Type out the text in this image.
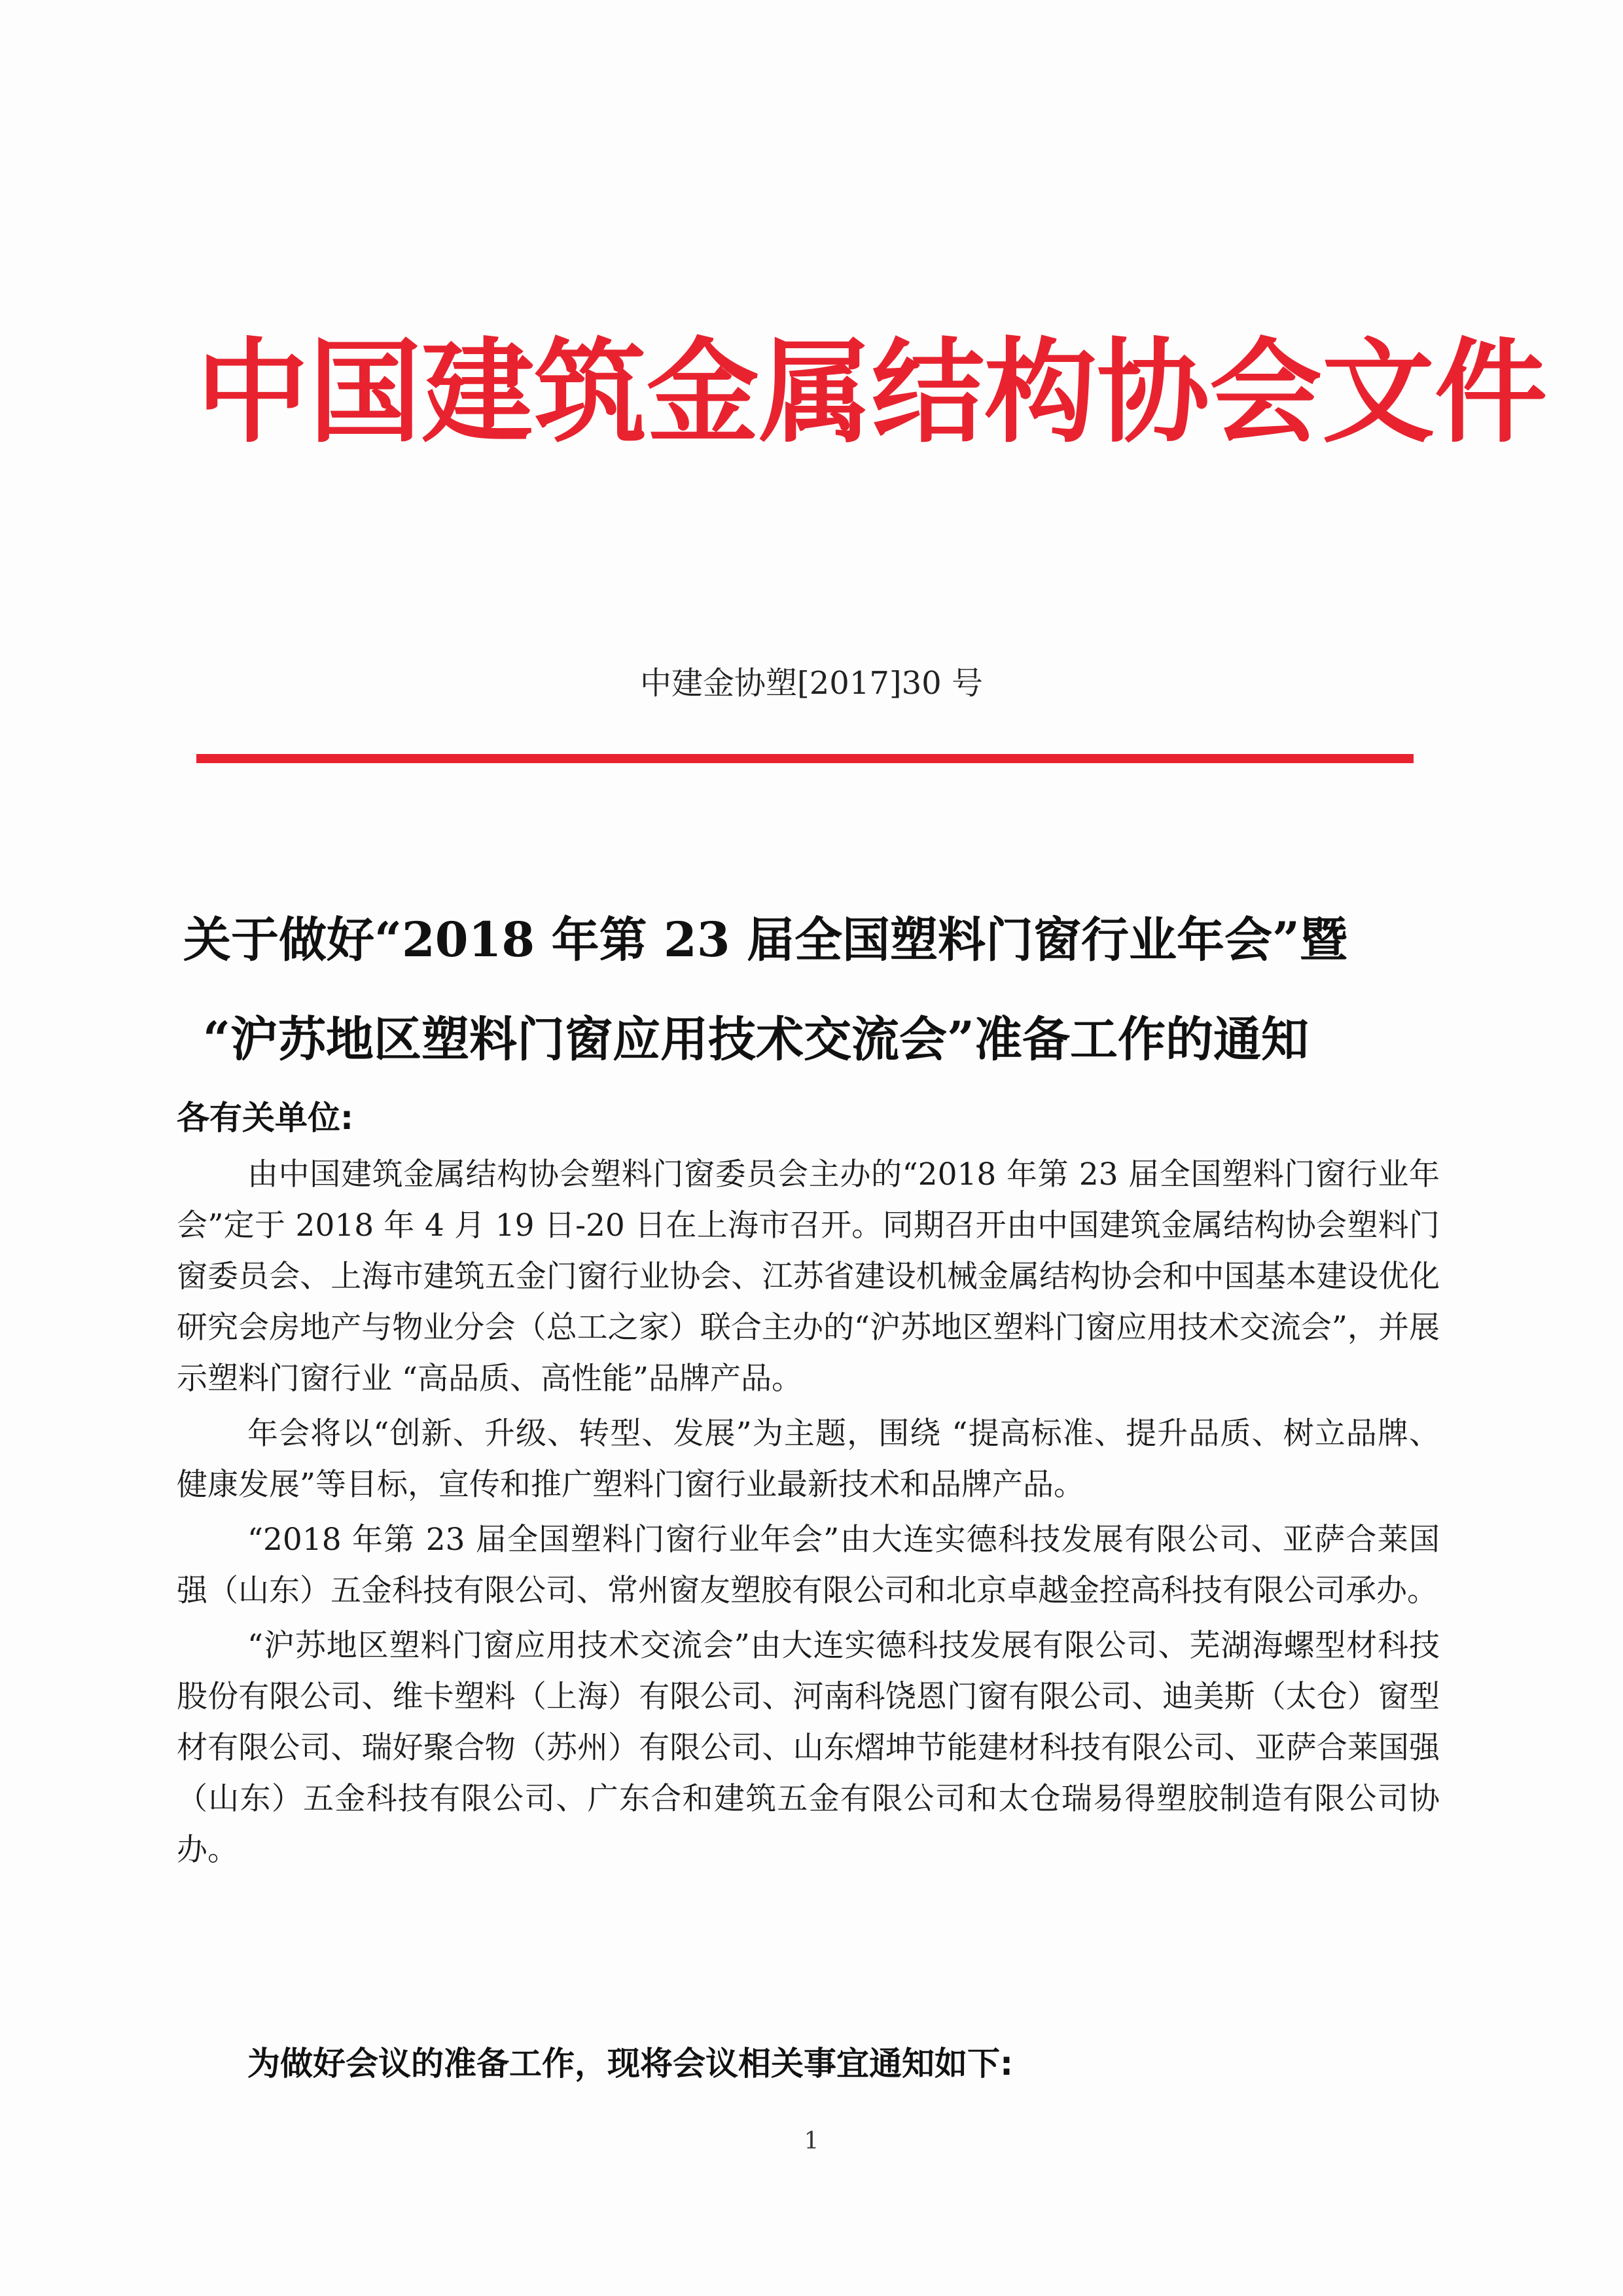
中国建筑金属结构协会文件
中建金协塑[2017]30 号
关于做好“2018 年第 23 届全国塑料门窗行业年会”暨
“沪苏地区塑料门窗应用技术交流会”准备工作的通知
各有关单位:

由中国建筑金属结构协会塑料门窗委员会主办的“2018 年第 23 届全国塑料门窗行业年会”定于 2018 年 4 月 19 日-20 日在上海市召开。同期召开由中国建筑金属结构协会塑料门窗委员会、上海市建筑五金门窗行业协会、江苏省建设机械金属结构协会和中国基本建设优化研究会房地产与物业分会（总工之家）联合主办的“沪苏地区塑料门窗应用技术交流会”，并展示塑料门窗行业 “高品质、高性能”品牌产品。

年会将以“创新、升级、转型、发展”为主题，围绕 “提高标准、提升品质、树立品牌、健康发展”等目标，宣传和推广塑料门窗行业最新技术和品牌产品。

“2018 年第 23 届全国塑料门窗行业年会”由大连实德科技发展有限公司、亚萨合莱国强（山东）五金科技有限公司、常州窗友塑胶有限公司和北京卓越金控高科技有限公司承办。

“沪苏地区塑料门窗应用技术交流会”由大连实德科技发展有限公司、芜湖海螺型材科技股份有限公司、维卡塑料（上海）有限公司、河南科饶恩门窗有限公司、迪美斯（太仓）窗型材有限公司、瑞好聚合物（苏州）有限公司、山东熠坤节能建材科技有限公司、亚萨合莱国强（山东）五金科技有限公司、广东合和建筑五金有限公司和太仓瑞易得塑胶制造有限公司协办。

为做好会议的准备工作，现将会议相关事宜通知如下:
1
